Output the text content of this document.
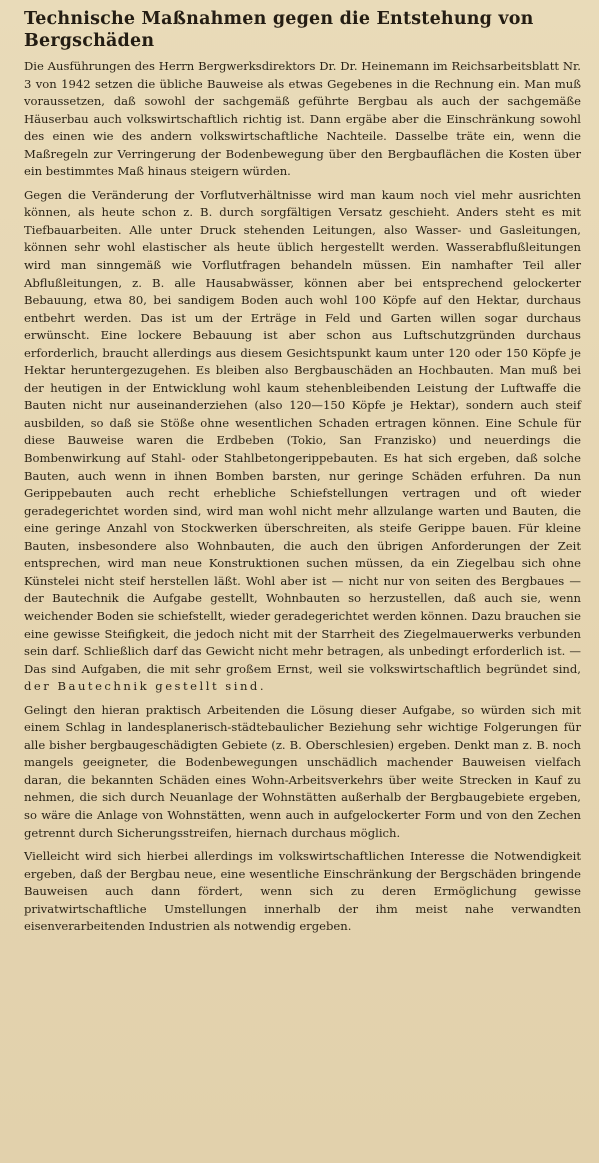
Technische Maßnahmen gegen die Entstehung von Bergschäden

Die Ausführungen des Herrn Bergwerksdirektors Dr. Dr. Heinemann im Reichsarbeitsblatt Nr. 3 von 1942 setzen die übliche Bauweise als etwas Gegebenes in die Rechnung ein. Man muß voraussetzen, daß sowohl der sachgemäß geführte Bergbau als auch der sachgemäße Häuserbau auch volkswirtschaftlich richtig ist. Dann ergäbe aber die Einschränkung sowohl des einen wie des andern volkswirtschaftliche Nachteile. Dasselbe träte ein, wenn die Maßregeln zur Verringerung der Bodenbewegung über den Bergbauflächen die Kosten über ein bestimmtes Maß hinaus steigern würden.

Gegen die Veränderung der Vorflutverhältnisse wird man kaum noch viel mehr ausrichten können, als heute schon z. B. durch sorgfältigen Versatz geschieht. Anders steht es mit Tiefbauarbeiten. Alle unter Druck stehenden Leitungen, also Wasser- und Gasleitungen, können sehr wohl elastischer als heute üblich hergestellt werden. Wasserabflußleitungen wird man sinngemäß wie Vorflutfragen behandeln müssen. Ein namhafter Teil aller Abflußleitungen, z. B. alle Hausabwässer, können aber bei entsprechend gelockerter Bebauung, etwa 80, bei sandigem Boden auch wohl 100 Köpfe auf den Hektar, durchaus entbehrt werden. Das ist um der Erträge in Feld und Garten willen sogar durchaus erwünscht. Eine lockere Bebauung ist aber schon aus Luftschutzgründen durchaus erforderlich, braucht allerdings aus diesem Gesichtspunkt kaum unter 120 oder 150 Köpfe je Hektar heruntergezugehen. Es bleiben also Bergbauschäden an Hochbauten. Man muß bei der heutigen in der Entwicklung wohl kaum stehenbleibenden Leistung der Luftwaffe die Bauten nicht nur auseinanderziehen (also 120—150 Köpfe je Hektar), sondern auch steif ausbilden, so daß sie Stöße ohne wesentlichen Schaden ertragen können. Eine Schule für diese Bauweise waren die Erdbeben (Tokio, San Franzisko) und neuerdings die Bombenwirkung auf Stahl- oder Stahlbetongerippebauten. Es hat sich ergeben, daß solche Bauten, auch wenn in ihnen Bomben barsten, nur geringe Schäden erfuhren. Da nun Gerippebauten auch recht erhebliche Schiefstellungen vertragen und oft wieder geradegerichtet worden sind, wird man wohl nicht mehr allzulange warten und Bauten, die eine geringe Anzahl von Stockwerken überschreiten, als steife Gerippe bauen. Für kleine Bauten, insbesondere also Wohnbauten, die auch den übrigen Anforderungen der Zeit entsprechen, wird man neue Konstruktionen suchen müssen, da ein Ziegelbau sich ohne Künstelei nicht steif herstellen läßt. Wohl aber ist — nicht nur von seiten des Bergbaues — der Bautechnik die Aufgabe gestellt, Wohnbauten so herzustellen, daß auch sie, wenn weichender Boden sie schiefstellt, wieder geradegerichtet werden können. Dazu brauchen sie eine gewisse Steifigkeit, die jedoch nicht mit der Starrheit des Ziegelmauerwerks verbunden sein darf. Schließlich darf das Gewicht nicht mehr betragen, als unbedingt erforderlich ist. — Das sind Aufgaben, die mit sehr großem Ernst, weil sie volkswirtschaftlich begründet sind, der Bautechnik gestellt sind.

Gelingt den hieran praktisch Arbeitenden die Lösung dieser Aufgabe, so würden sich mit einem Schlag in landesplanerisch-städtebaulicher Beziehung sehr wichtige Folgerungen für alle bisher bergbaugeschädigten Gebiete (z. B. Oberschlesien) ergeben. Denkt man z. B. noch mangels geeigneter, die Bodenbewegungen unschädlich machender Bauweisen vielfach daran, die bekannten Schäden eines Wohn-Arbeitsverkehrs über weite Strecken in Kauf zu nehmen, die sich durch Neuanlage der Wohnstätten außerhalb der Bergbaugebiete ergeben, so wäre die Anlage von Wohnstätten, wenn auch in aufgelockerter Form und von den Zechen getrennt durch Sicherungsstreifen, hiernach durchaus möglich.

Vielleicht wird sich hierbei allerdings im volkswirtschaftlichen Interesse die Notwendigkeit ergeben, daß der Bergbau neue, eine wesentliche Einschränkung der Bergschäden bringende Bauweisen auch dann fördert, wenn sich zu deren Ermöglichung gewisse privatwirtschaftliche Umstellungen innerhalb der ihm meist nahe verwandten eisenverarbeitenden Industrien als notwendig ergeben.
